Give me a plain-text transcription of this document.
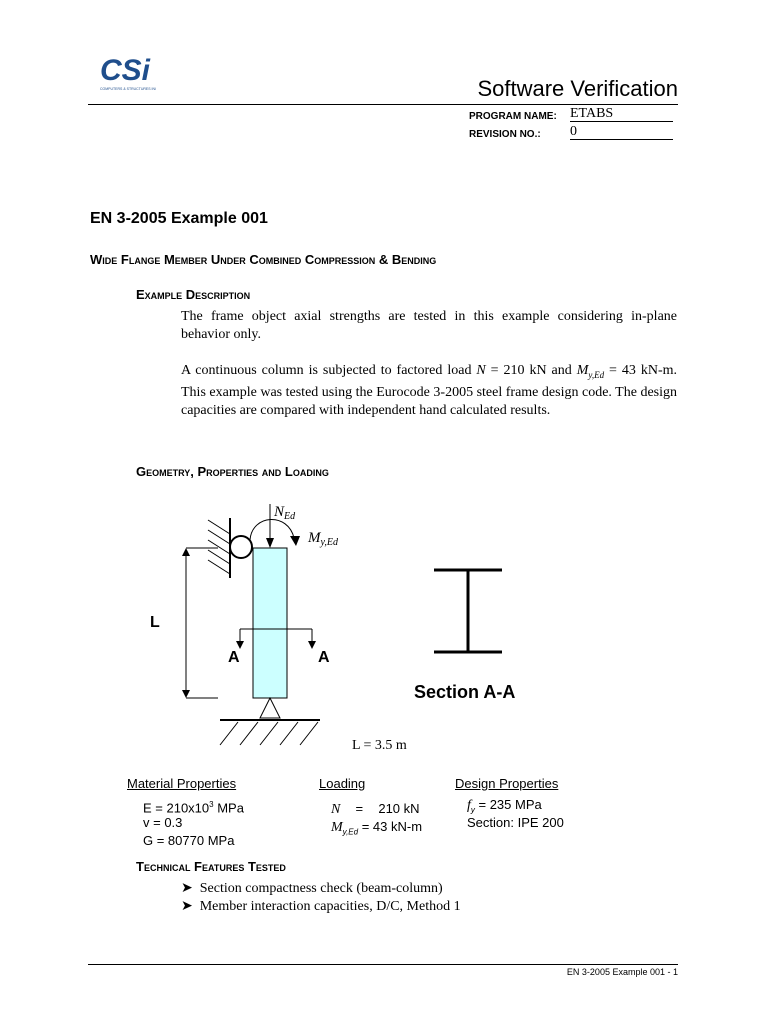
CSi
COMPUTERS & STRUCTURES INC.	Software Verification
PROGRAM NAME: ETABS
REVISION NO.: 0
EN 3-2005 Example 001
Wide Flange Member Under Combined Compression & Bending
Example Description
The frame object axial strengths are tested in this example considering in-plane behavior only.
A continuous column is subjected to factored load N = 210 kN and $M_{y,Ed} = 43$ kN-m. This example was tested using the Eurocode 3-2005 steel frame design code. The design capacities are compared with independent hand calculated results.
Geometry, Properties and Loading
$N_{Ed}$
$M_{y,Ed}$
L
A	A
Section A-A
L = 3.5 m
Material Properties
$E = 210x10^3$ MPa
v = 0.3
G = 80770 MPa
Loading
N = 210 kN
$M_{y,Ed} = 43$ kN-m
Design Properties
$f_y = 235$ MPa
Section: IPE 200
Technical Features Tested
➤  Section compactness check (beam-column)
➤  Member interaction capacities, D/C, Method 1
EN 3-2005 Example 001 - 1
